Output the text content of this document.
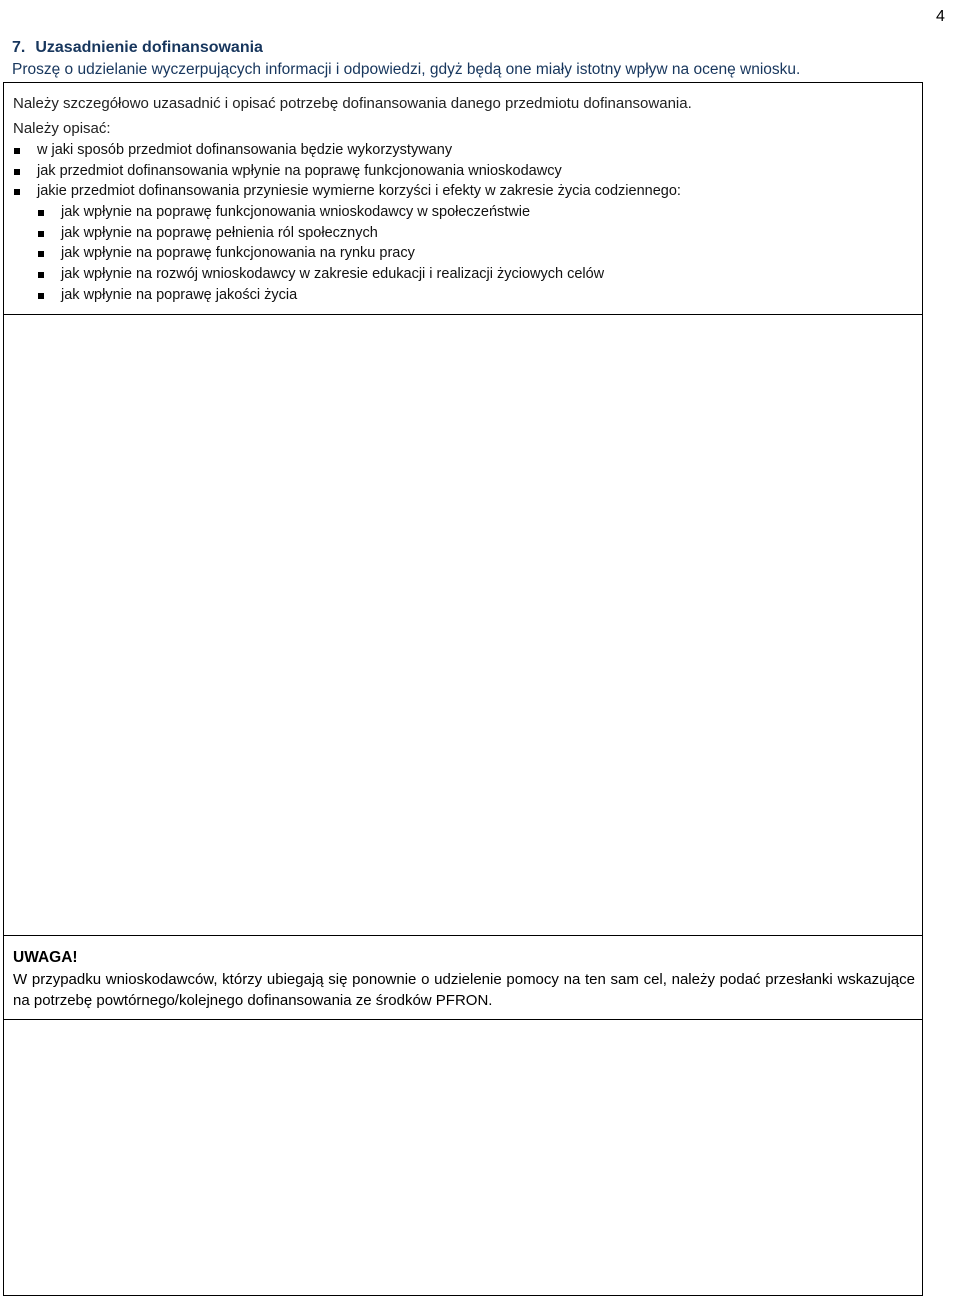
4
7. Uzasadnienie dofinansowania
Proszę o udzielanie wyczerpujących informacji i odpowiedzi, gdyż będą one miały istotny wpływ na ocenę wniosku.
Należy szczegółowo uzasadnić i opisać potrzebę dofinansowania danego przedmiotu dofinansowania.
Należy opisać:
w jaki sposób przedmiot dofinansowania będzie wykorzystywany
jak przedmiot dofinansowania wpłynie na poprawę funkcjonowania wnioskodawcy
jakie przedmiot dofinansowania przyniesie wymierne korzyści i efekty w zakresie życia codziennego:
jak wpłynie na poprawę funkcjonowania wnioskodawcy w społeczeństwie
jak wpłynie na poprawę pełnienia ról społecznych
jak wpłynie na poprawę funkcjonowania na rynku pracy
jak wpłynie na rozwój wnioskodawcy w zakresie edukacji i realizacji życiowych celów
jak wpłynie na poprawę jakości życia
UWAGA!
W przypadku wnioskodawców, którzy ubiegają się ponownie o udzielenie pomocy na ten sam cel, należy podać przesłanki wskazujące na potrzebę powtórnego/kolejnego dofinansowania ze środków PFRON.
